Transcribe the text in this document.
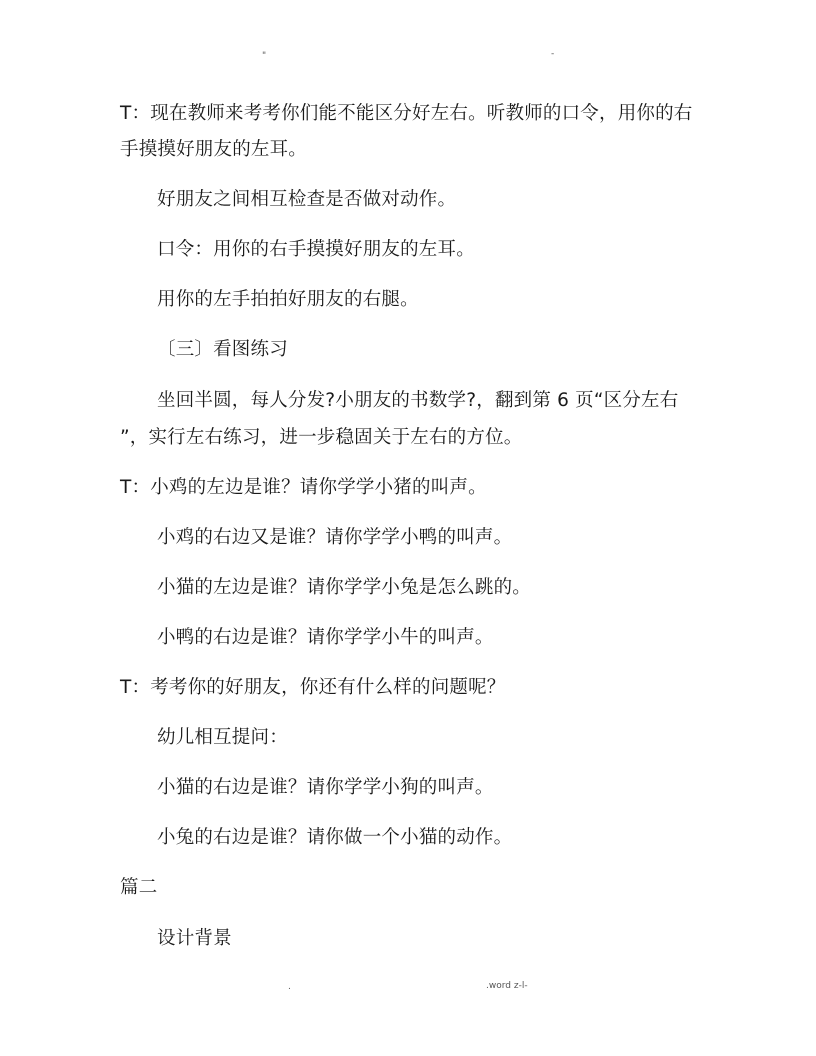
"	-
T：现在教师来考考你们能不能区分好左右。听教师的口令，用你的右
手摸摸好朋友的左耳。
好朋友之间相互检查是否做对动作。
口令：用你的右手摸摸好朋友的左耳。
用你的左手拍拍好朋友的右腿。
〔三〕看图练习
坐回半圆，每人分发?小朋友的书数学?，翻到第 6 页“区分左右
”，实行左右练习，进一步稳固关于左右的方位。
T：小鸡的左边是谁？请你学学小猪的叫声。
小鸡的右边又是谁？请你学学小鸭的叫声。
小猫的左边是谁？请你学学小兔是怎么跳的。
小鸭的右边是谁？请你学学小牛的叫声。
T：考考你的好朋友，你还有什么样的问题呢？
幼儿相互提问：
小猫的右边是谁？请你学学小狗的叫声。
小兔的右边是谁？请你做一个小猫的动作。
篇二
设计背景
.	.word z-l-
